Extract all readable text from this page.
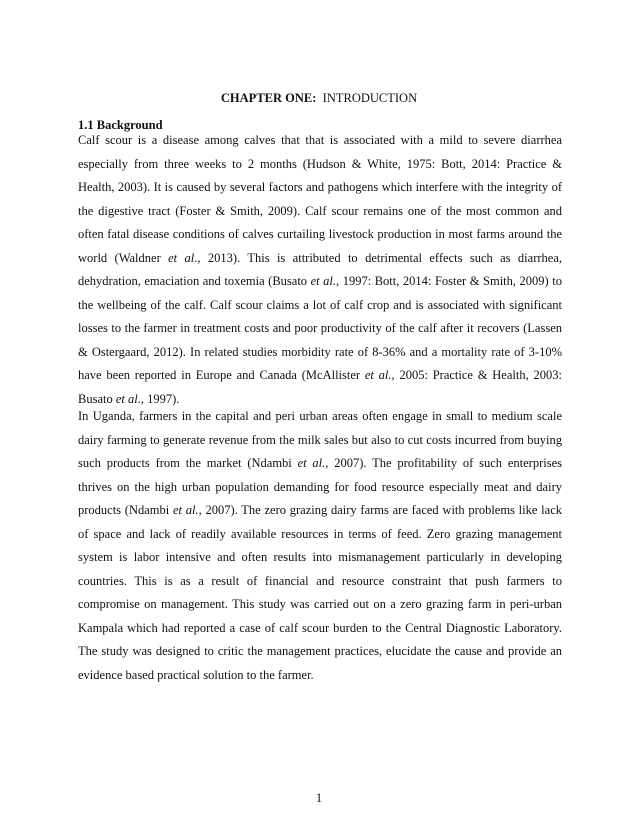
CHAPTER ONE: INTRODUCTION
1.1 Background

Calf scour is a disease among calves that that is associated with a mild to severe diarrhea especially from three weeks to 2 months (Hudson & White, 1975: Bott, 2014: Practice & Health, 2003). It is caused by several factors and pathogens which interfere with the integrity of the digestive tract (Foster & Smith, 2009). Calf scour remains one of the most common and often fatal disease conditions of calves curtailing livestock production in most farms around the world (Waldner et al., 2013). This is attributed to detrimental effects such as diarrhea, dehydration, emaciation and toxemia (Busato et al., 1997: Bott, 2014: Foster & Smith, 2009) to the wellbeing of the calf. Calf scour claims a lot of calf crop and is associated with significant losses to the farmer in treatment costs and poor productivity of the calf after it recovers (Lassen & Ostergaard, 2012). In related studies morbidity rate of 8-36% and a mortality rate of 3-10% have been reported in Europe and Canada (McAllister et al., 2005: Practice & Health, 2003: Busato et al., 1997).

In Uganda, farmers in the capital and peri urban areas often engage in small to medium scale dairy farming to generate revenue from the milk sales but also to cut costs incurred from buying such products from the market (Ndambi et al., 2007). The profitability of such enterprises thrives on the high urban population demanding for food resource especially meat and dairy products (Ndambi et al., 2007). The zero grazing dairy farms are faced with problems like lack of space and lack of readily available resources in terms of feed. Zero grazing management system is labor intensive and often results into mismanagement particularly in developing countries. This is as a result of financial and resource constraint that push farmers to compromise on management. This study was carried out on a zero grazing farm in peri-urban Kampala which had reported a case of calf scour burden to the Central Diagnostic Laboratory. The study was designed to critic the management practices, elucidate the cause and provide an evidence based practical solution to the farmer.

1
